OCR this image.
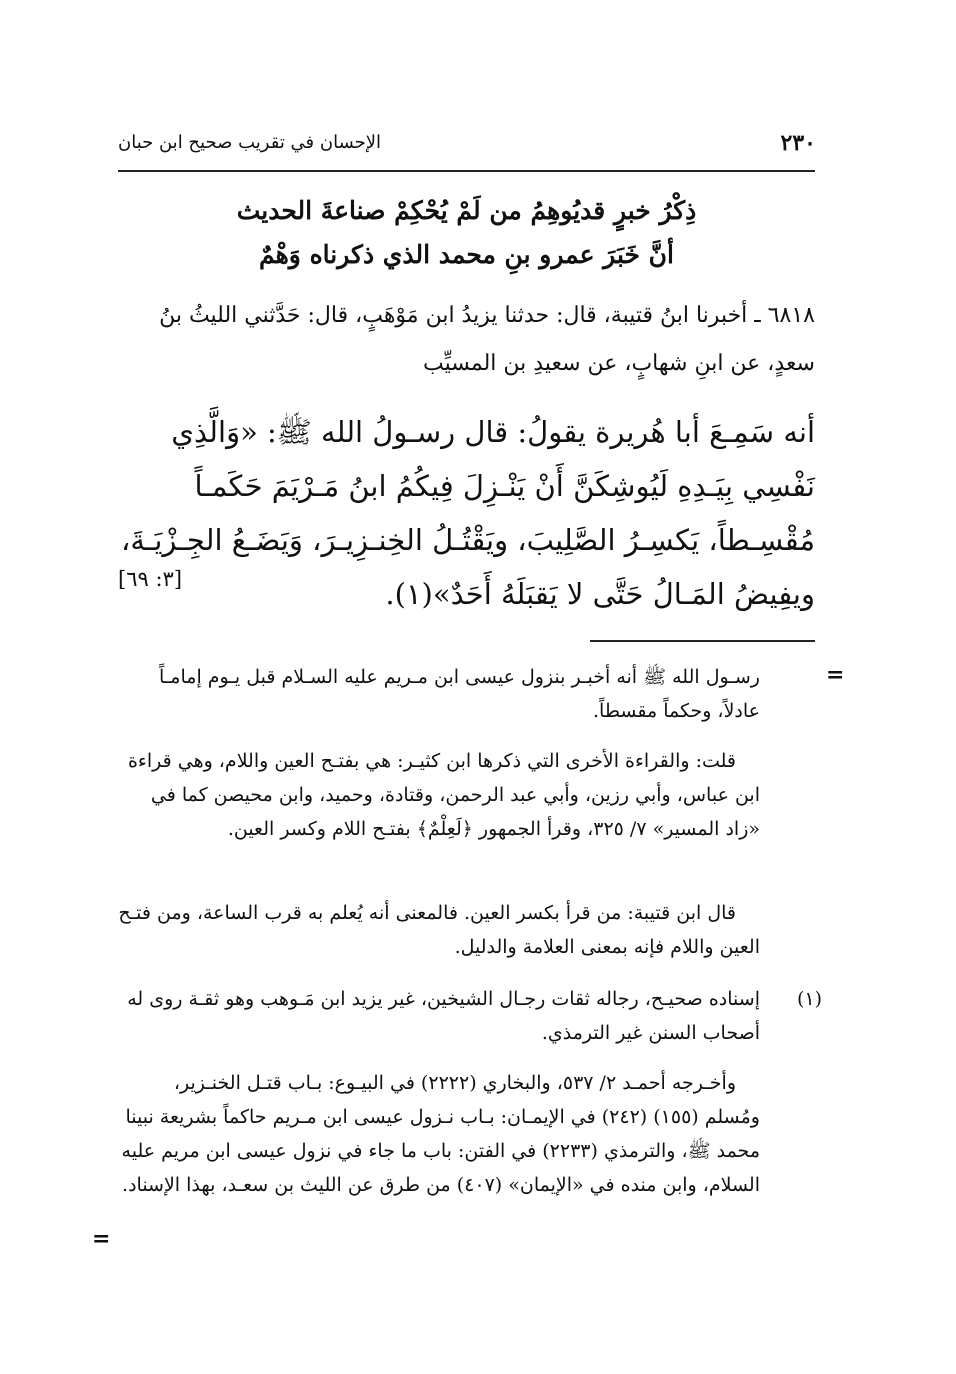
٢٣٠
الإحسان في تقريب صحيح ابن حبان
ذِكْرُ خبرٍ قديُوهِمُ من لَمْ يُحْكِمْ صناعةَ الحديث
أنَّ خَبَرَ عمرو بنِ محمد الذي ذكرناه وَهْمٌ
٦٨١٨ ـ أخبرنا ابنُ قتيبة، قال: حدثنا يزيدُ ابن مَوْهَبٍ، قال: حَدَّثني الليثُ بنُ سعدٍ، عن ابنِ شهابٍ، عن سعيدِ بن المسيِّب
أنه سَمِـعَ أبا هُريرة يقولُ: قال رسـولُ الله ﷺ: «وَالَّذِي نَفْسِي بِيَـدِهِ لَيُوشِكَنَّ أَنْ يَنْـزِلَ فِيكُمُ ابنُ مَـرْيَمَ حَكَمـاً مُقْسِـطاً، يَكسِـرُ الصَّلِيبَ، ويَقْتُـلُ الخِنـزِيـرَ، وَيَضَـعُ الجِـزْيَـةَ، ويفِيضُ المَـالُ حَتَّى لا يَقبَلَهُ أَحَدٌ»(١).
[٣: ٦٩]
=

رسـول الله ﷺ أنه أخبـر بنزول عيسى ابن مـريم عليه السـلام قبل يـوم إمامـاً عادلاً، وحكماً مقسطاً.

قلت: والقراءة الأخرى التي ذكرها ابن كثيـر: هي بفتـح العين واللام، وهي قراءة ابن عباس، وأبي رزين، وأبي عبد الرحمن، وقتادة، وحميد، وابن محيصن كما في «زاد المسير» ٧/ ٣٢٥، وقرأ الجمهور ﴿لَعِلْمٌ﴾ بفتـح اللام وكسر العين.

قال ابن قتيبة: من قرأ بكسر العين. فالمعنى أنه يُعلم به قرب الساعة، ومن فتـح العين واللام فإنه بمعنى العلامة والدليل.

(١)

إسناده صحيـح، رجاله ثقات رجـال الشيخين، غير يزيد ابن مَـوهب وهو ثقـة روى له أصحاب السنن غير الترمذي.

وأخـرجه أحمـد ٢/ ٥٣٧، والبخاري (٢٢٢٢) في البيـوع: بـاب قتـل الخنـزير، ومُسلم (١٥٥) (٢٤٢) في الإيمـان: بـاب نـزول عيسى ابن مـريم حاكماً بشريعة نبينا محمد ﷺ، والترمذي (٢٢٣٣) في الفتن: باب ما جاء في نزول عيسى ابن مريم عليه السلام، وابن منده في «الإيمان» (٤٠٧) من طرق عن الليث بن سعـد، بهذا الإسناد.

=
